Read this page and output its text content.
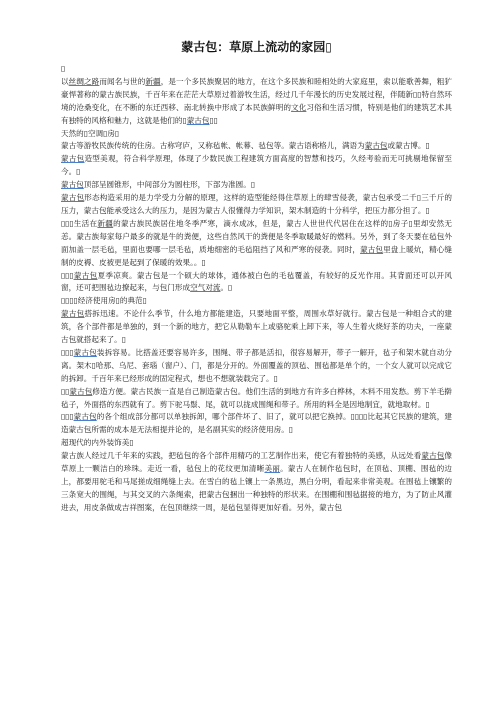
蒙古包：草原上流动的家园▯

▯

以丝绸之路而闻名与世的新疆，是一个多民族聚居的地方，在这个多民族和睦相处的大家庭里，索以能歌善舞，粗犷豪悍著称的蒙古族民族，千百年来在茫茫大草原过着游牧生活，经过几千年漫长的历史发展过程，伴随新▯▯特自然环境的沧桑变化，在不断的东迁西移、南北转换中形成了本民族鲜明的文化习俗和生活习惯，特别是他们的建筑艺术具有独特的风格和魅力，这就是他们的▯蒙古包▯▯

天然的▯空调▯房▯

蒙古等游牧民族传统的住房。古称穹庐，又称毡帐、帐幕、毡包等。蒙古语称格儿，满语为蒙古包或蒙古博。▯

蒙古包造型美观，符合科学原理，体现了少数民族工程建筑方面高度的智慧和技巧，久经考验而无可挑剔地保留至今。▯

蒙古包顶部呈圆锥形，中间部分为圆柱形，下部为准圆。▯

蒙古包形态构造采用的是力学受力分解的原理，这样的造型能经得住草原上的肆雪侵袭，蒙古包承受二千▯三千斤的压力，蒙古包能承受这么大的压力，是因为蒙古人很懂得力学知识，架木制造的十分科学，把压力都分担了。▯

▯▯▯生活在新疆的蒙古族民族居住地冬季严寒，滴水成冰，但是，蒙古人世世代代居住在这样的▯房子▯里却安然无恙。蒙古族每家每户最多的就是牛的粪便，这些自然风干的粪便是冬季取暖最好的燃料。另外，到了冬天要在毡包外面加盖一层毛毡，里面也要哪一层毛毡，质地细密的毛毡阻挡了风和严寒的侵袭。同时，蒙古包里盘上暖炕，精心缝制的皮褥、皮被更是起到了保暖的效果。。▯

▯▯▯蒙古包夏季凉爽。蒙古包是一个硕大的球体，通体被白色的毛毡覆盖，有较好的反光作用。其背面还可以开风窗，还可把围毡边撩起来，与包门形成空气对流。▯

▯▯▯▯经济使用房▯的典范▯

蒙古包搭拆迅速。不论什么季节，什么地方都能建造，只要地面平整，周围水草好就行。蒙古包是一种组合式的建筑，各个部件都是单独的，到一个新的地方，把它从勒勒车上或骆驼乘上卸下来，等人生着火烧好茶的功夫，一座蒙古包就搭起来了。▯

▯▯▯蒙古包装拆容易。比搭盖还要容易许多，围绳、带子都是活扣，很容易解开，带子一解开，毡子和架木就自动分离。架木▯哈那、乌尼、套瑙（窗户）、门，都是分开的。外面覆盖的顶毡、围毡都是单个的，一个女人就可以完成它的拆卸。千百年来已经形成的固定程式，想也不想就装载完了。▯

▯▯蒙古包修造方便。蒙古民族一直是自己制造蒙古包。他们生活的到地方有许多白桦林，木料不用发愁。剪下羊毛擀毡子，外面搭的东西就有了。剪下驼马鬃、尾，就可以拢成围绳和带子。所用的料全是因地制宜，就地取材。▯

▯▯▯蒙古包的各个组成部分都可以单独拆卸，哪个部件坏了、旧了，就可以把它换掉。▯▯▯▯比起其它民族的建筑，建造蒙古包所需的成本是无法相提并论的，是名副其实的经济使用房。▯

超现代的内外装饰美▯

蒙古族人经过几千年来的实践，把毡包的各个部件用精巧的工艺制作出来，使它有着独特的美感，从远处看蒙古包像草原上一颗洁白的珍珠。走近一看，毡包上的花纹更加清晰美丽。蒙古人在制作毡包时，在顶毡、顶棚、围毡的边上，都要用驼毛和马尾搓成细绳缝上去。在雪白的毡上镶上一条黑边，黑白分明，看起来非常美观。在围毡上镶繁的三条宽大的围绳，与其交叉的六条绳索，把蒙古包捆出一种独特的形状来。在围棚和围毡据接的地方，为了防止风灌进去，用皮条做成吉祥图案，在包顶继续一周，是毡包显得更加好看。另外，蒙古包
